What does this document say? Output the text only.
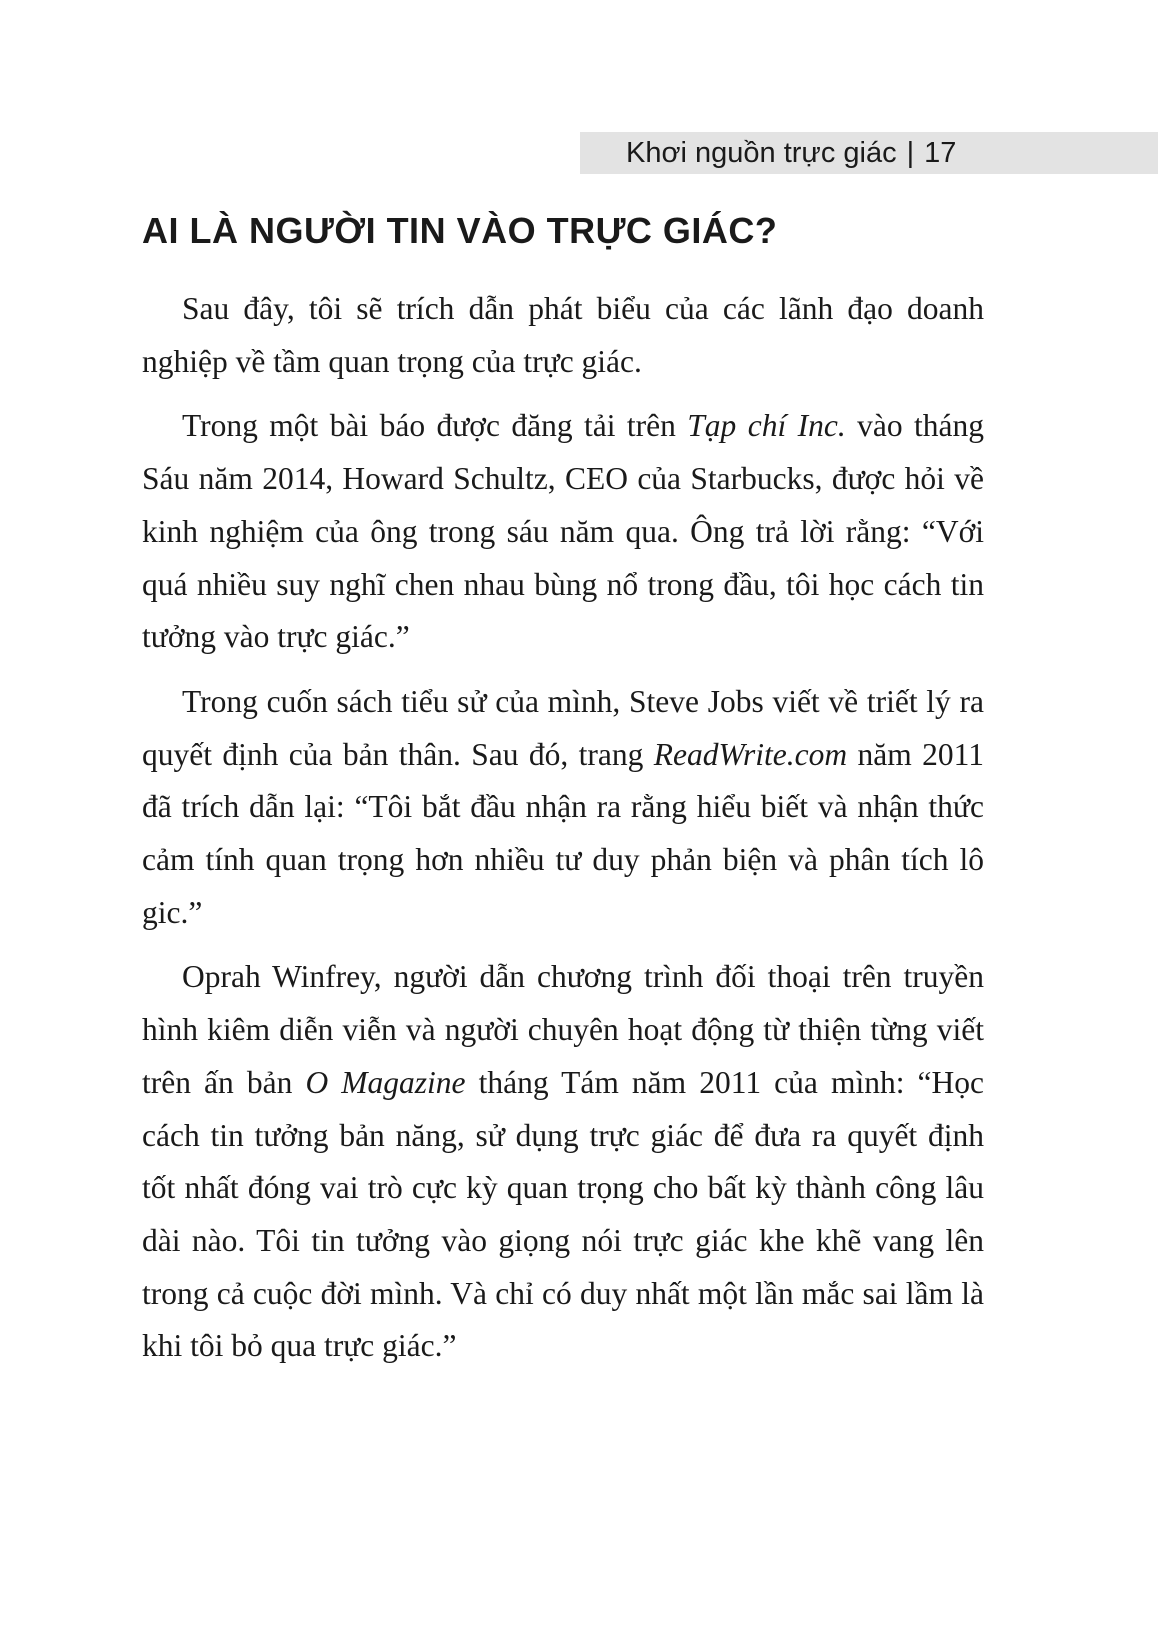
Khơi nguồn trực giác | 17
AI LÀ NGƯỜI TIN VÀO TRỰC GIÁC?

Sau đây, tôi sẽ trích dẫn phát biểu của các lãnh đạo doanh nghiệp về tầm quan trọng của trực giác.

Trong một bài báo được đăng tải trên Tạp chí Inc. vào tháng Sáu năm 2014, Howard Schultz, CEO của Starbucks, được hỏi về kinh nghiệm của ông trong sáu năm qua. Ông trả lời rằng: “Với quá nhiều suy nghĩ chen nhau bùng nổ trong đầu, tôi học cách tin tưởng vào trực giác.”

Trong cuốn sách tiểu sử của mình, Steve Jobs viết về triết lý ra quyết định của bản thân. Sau đó, trang ReadWrite.com năm 2011 đã trích dẫn lại: “Tôi bắt đầu nhận ra rằng hiểu biết và nhận thức cảm tính quan trọng hơn nhiều tư duy phản biện và phân tích lô gic.”

Oprah Winfrey, người dẫn chương trình đối thoại trên truyền hình kiêm diễn viễn và người chuyên hoạt động từ thiện từng viết trên ấn bản O Magazine tháng Tám năm 2011 của mình: “Học cách tin tưởng bản năng, sử dụng trực giác để đưa ra quyết định tốt nhất đóng vai trò cực kỳ quan trọng cho bất kỳ thành công lâu dài nào. Tôi tin tưởng vào giọng nói trực giác khe khẽ vang lên trong cả cuộc đời mình. Và chỉ có duy nhất một lần mắc sai lầm là khi tôi bỏ qua trực giác.”
